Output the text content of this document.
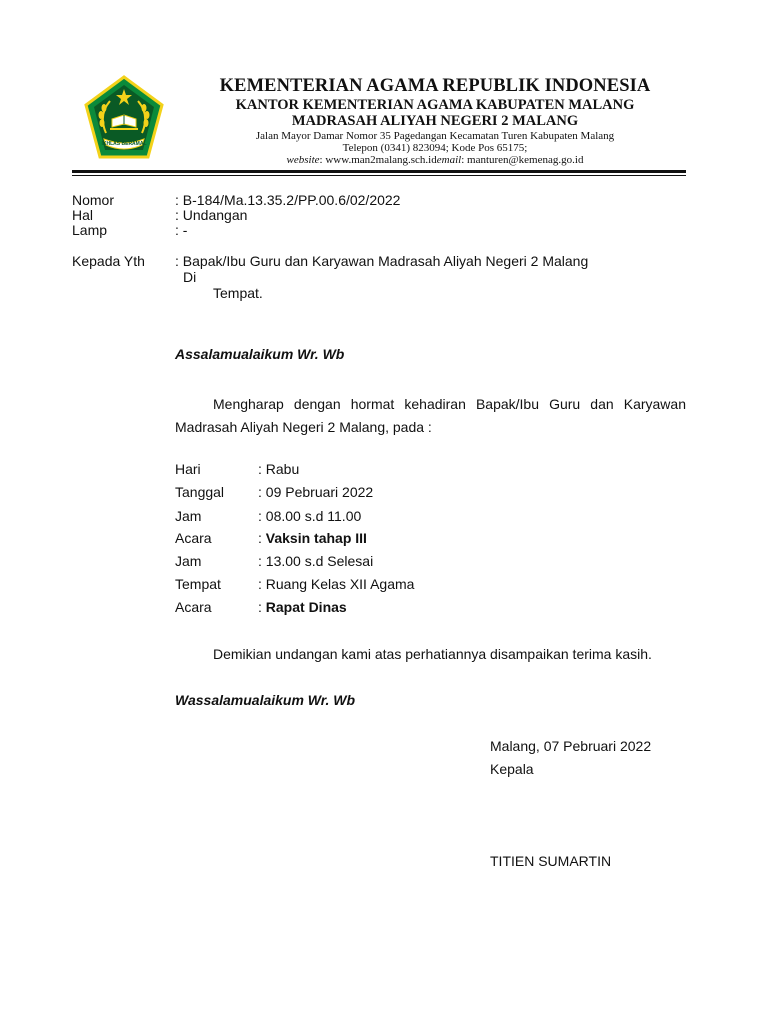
IKHLAS BERAMAL
KEMENTERIAN AGAMA REPUBLIK INDONESIA
KANTOR KEMENTERIAN AGAMA KABUPATEN MALANG
MADRASAH ALIYAH NEGERI 2 MALANG
Jalan Mayor Damar Nomor 35 Pagedangan Kecamatan Turen Kabupaten Malang
Telepon (0341) 823094; Kode Pos 65175;
website: www.man2malang.sch.idemail: manturen@kemenag.go.id
Nomor	: B-184/Ma.13.35.2/PP.00.6/02/2022
Hal	: Undangan
Lamp	: -
Kepada Yth : Bapak/Ibu Guru dan Karyawan Madrasah Aliyah Negeri 2 Malang
Di
Tempat.
Assalamualaikum Wr. Wb
Mengharap dengan hormat kehadiran Bapak/Ibu Guru dan Karyawan Madrasah Aliyah Negeri 2 Malang, pada :
Hari	: Rabu
Tanggal : 09 Pebruari 2022
Jam	: 08.00 s.d 11.00
Acara	: Vaksin tahap III
Jam	: 13.00 s.d Selesai
Tempat	: Ruang Kelas XII Agama
Acara	: Rapat Dinas
Demikian undangan kami atas perhatiannya disampaikan terima kasih.
Wassalamualaikum Wr. Wb
Malang, 07 Pebruari 2022
Kepala
TITIEN SUMARTIN
